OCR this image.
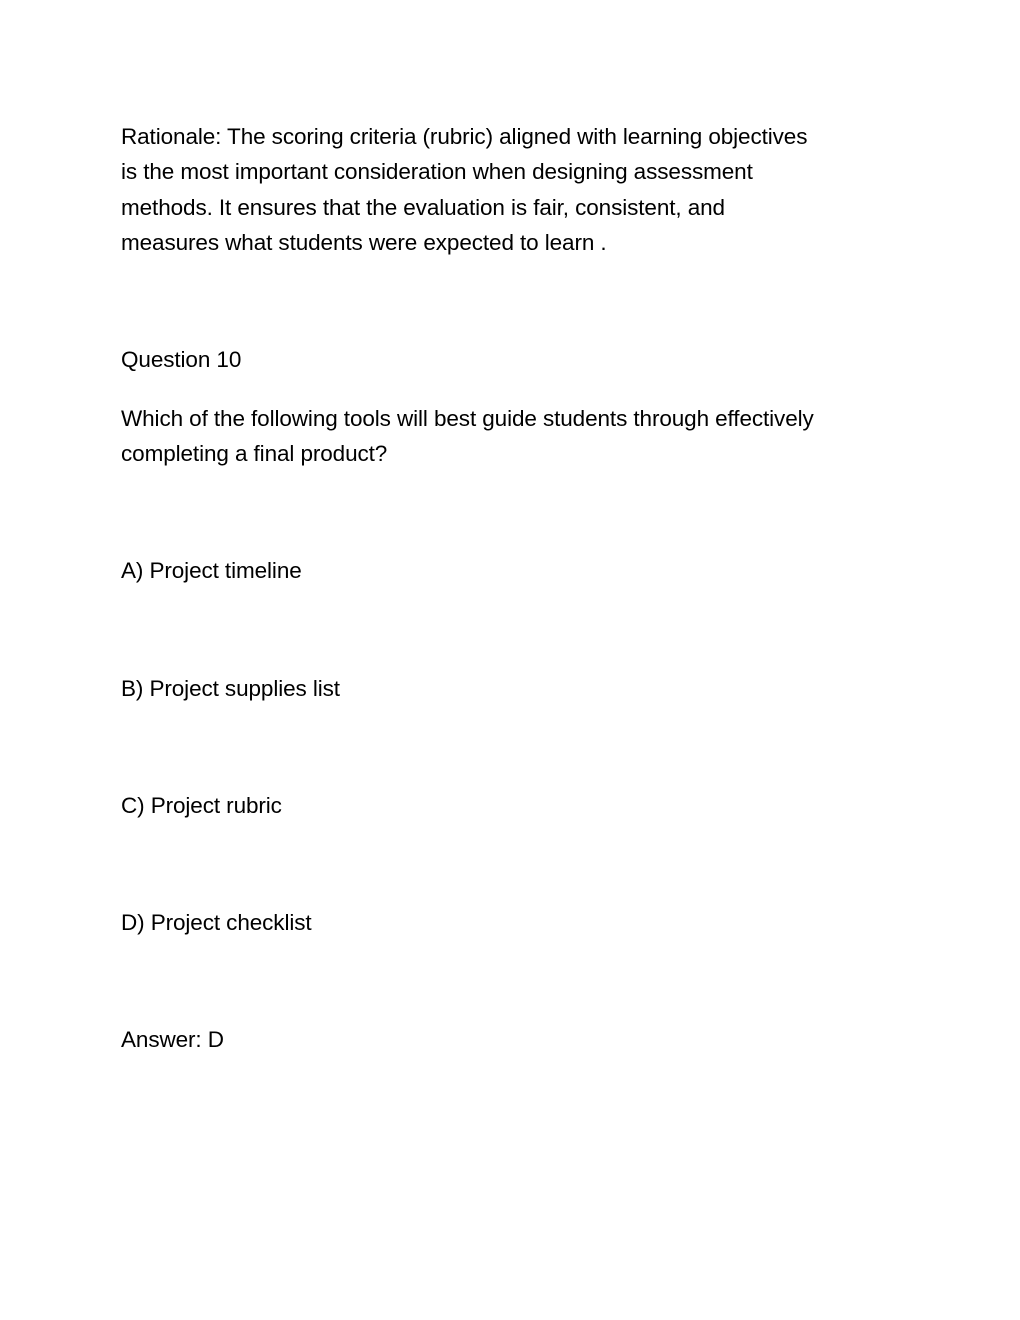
Rationale: The scoring criteria (rubric) aligned with learning objectives

is the most important consideration when designing assessment

methods. It ensures that the evaluation is fair, consistent, and

measures what students were expected to learn .

Question 10

Which of the following tools will best guide students through effectively

completing a final product?

A) Project timeline

B) Project supplies list

C) Project rubric

D) Project checklist

Answer: D
